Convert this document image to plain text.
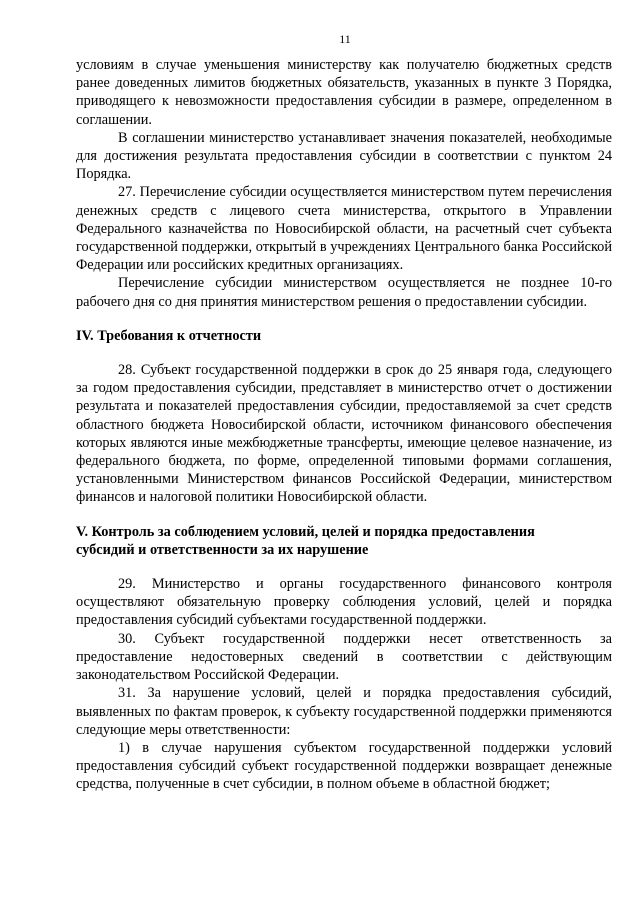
11

условиям в случае уменьшения министерству как получателю бюджетных средств ранее доведенных лимитов бюджетных обязательств, указанных в пункте 3 Порядка, приводящего к невозможности предоставления субсидии в размере, определенном в соглашении.

В соглашении министерство устанавливает значения показателей, необходимые для достижения результата предоставления субсидии в соответствии с пунктом 24 Порядка.

27. Перечисление субсидии осуществляется министерством путем перечисления денежных средств с лицевого счета министерства, открытого в Управлении Федерального казначейства по Новосибирской области, на расчетный счет субъекта государственной поддержки, открытый в учреждениях Центрального банка Российской Федерации или российских кредитных организациях.

Перечисление субсидии министерством осуществляется не позднее 10-го рабочего дня со дня принятия министерством решения о предоставлении субсидии.

IV. Требования к отчетности

28. Субъект государственной поддержки в срок до 25 января года, следующего за годом предоставления субсидии, представляет в министерство отчет о достижении результата и показателей предоставления субсидии, предоставляемой за счет средств областного бюджета Новосибирской области, источником финансового обеспечения которых являются иные межбюджетные трансферты, имеющие целевое назначение, из федерального бюджета, по форме, определенной типовыми формами соглашения, установленными Министерством финансов Российской Федерации, министерством финансов и налоговой политики Новосибирской области.

V. Контроль за соблюдением условий, целей и порядка предоставления

субсидий и ответственности за их нарушение

29. Министерство и органы государственного финансового контроля осуществляют обязательную проверку соблюдения условий, целей и порядка предоставления субсидий субъектами государственной поддержки.

30. Субъект государственной поддержки несет ответственность за предоставление недостоверных сведений в соответствии с действующим законодательством Российской Федерации.

31. За нарушение условий, целей и порядка предоставления субсидий, выявленных по фактам проверок, к субъекту государственной поддержки применяются следующие меры ответственности:

1) в случае нарушения субъектом государственной поддержки условий предоставления субсидий субъект государственной поддержки возвращает денежные средства, полученные в счет субсидии, в полном объеме в областной бюджет;
